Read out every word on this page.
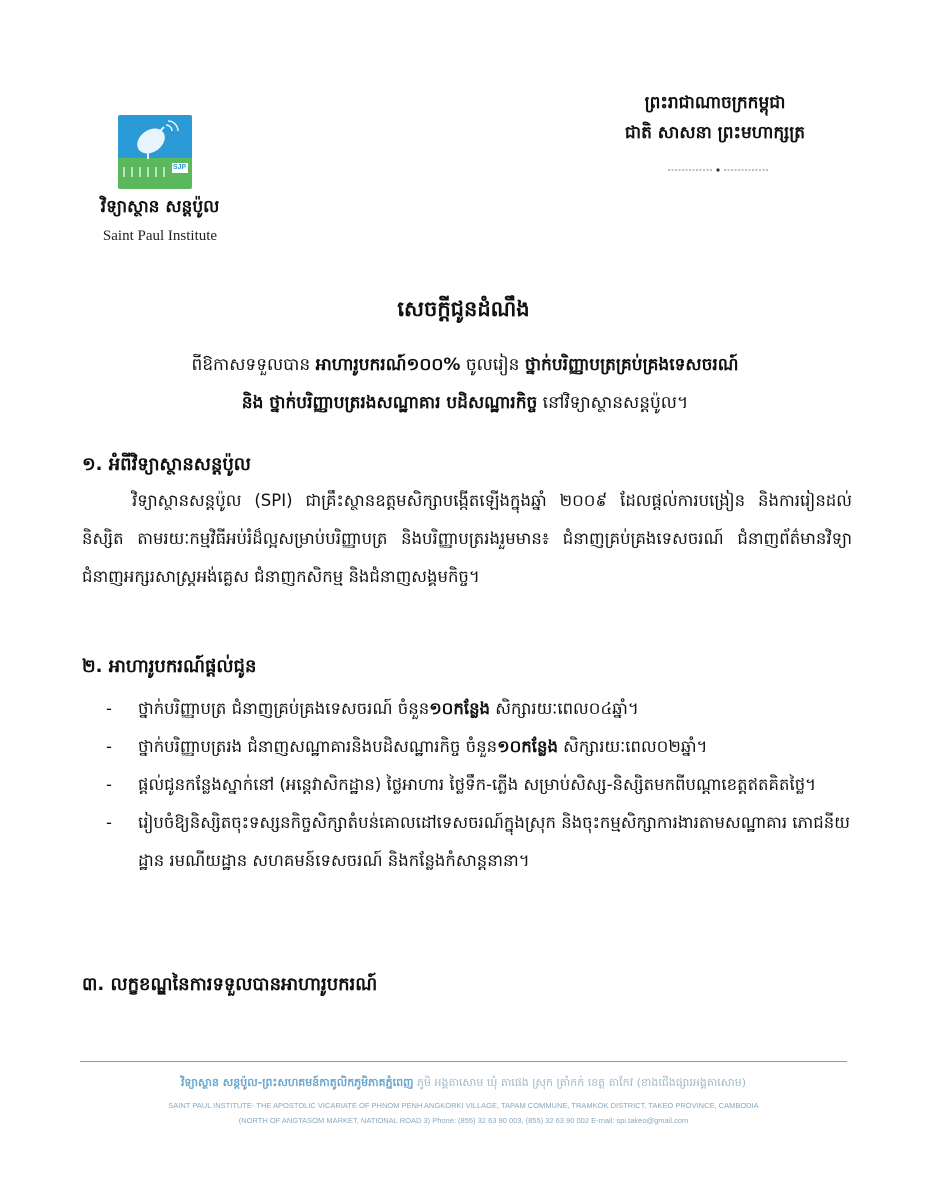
SJP
វិទ្យាស្ថាន សន្តប៉ូល
Saint Paul Institute
ព្រះរាជាណាចក្រកម្ពុជា
ជាតិ សាសនា ព្រះមហាក្សត្រ
សេចក្ដីជូនដំណឹង
ពីឱកាសទទួលបាន អាហារូបករណ៍១០០% ចូលរៀន ថ្នាក់បរិញ្ញាបត្រគ្រប់គ្រងទេសចរណ៍
និង ថ្នាក់បរិញ្ញាបត្ររងសណ្ឋាគារ បដិសណ្ឋារកិច្ច នៅវិទ្យាស្ថានសន្តប៉ូល។
១. អំពីវិទ្យាស្ថានសន្តប៉ូល
វិទ្យាស្ថានសន្តប៉ូល (SPI) ជាគ្រឹះស្ថានឧត្តមសិក្សាបង្កើតឡើងក្នុងឆ្នាំ ២០០៩ ដែលផ្ដល់ការបង្រៀន និងការរៀនដល់និស្សិត តាមរយៈកម្មវិធីអប់រំដ៏ល្អសម្រាប់បរិញ្ញាបត្រ និងបរិញ្ញាបត្ររងរួមមាន៖ ជំនាញគ្រប់គ្រងទេសចរណ៍ ជំនាញព័ត៌មានវិទ្យា ជំនាញអក្សរសាស្ត្រអង់គ្លេស ជំនាញកសិកម្ម និងជំនាញសង្គមកិច្ច។
២. អាហារូបករណ៍ផ្ដល់ជូន
- ថ្នាក់បរិញ្ញាបត្រ ជំនាញគ្រប់គ្រងទេសចរណ៍ ចំនួន១០កន្លែង សិក្សារយៈពេល០៤ឆ្នាំ។
- ថ្នាក់បរិញ្ញាបត្ររង ជំនាញសណ្ឋាគារនិងបដិសណ្ឋារកិច្ច ចំនួន១០កន្លែង សិក្សារយៈពេល០២ឆ្នាំ។
- ផ្ដល់ជូនកន្លែងស្នាក់នៅ (អន្តេវាសិកដ្ឋាន) ថ្លៃអាហារ ថ្លៃទឹក-ភ្លើង សម្រាប់សិស្ស-និស្សិតមកពីបណ្ដាខេត្តឥតគិតថ្លៃ។
- រៀបចំឱ្យនិស្សិតចុះទស្សនកិច្ចសិក្សាតំបន់គោលដៅទេសចរណ៍ក្នុងស្រុក និងចុះកម្មសិក្សាការងារតាមសណ្ឋាគារ ភោជនីយដ្ឋាន រមណីយដ្ឋាន សហគមន៍ទេសចរណ៍ និងកន្លែងកំសាន្តនានា។
៣. លក្ខខណ្ឌនៃការទទួលបានអាហារូបករណ៍
វិទ្យាស្ថាន សន្តប៉ូល-ព្រះសហគមន៍កាតូលិកភូមិភាគភ្នំពេញ ភូមិ អង្គតាសោម ឃុំ តាផេង ស្រុក ត្រាំកក់ ខេត្ត តាកែវ (ខាងជើងផ្សារអង្គតាសោម)
SAINT PAUL INSTITUTE- THE APOSTOLIC VICARIATE OF PHNOM PENH ANGKORKI VILLAGE, TAPAM COMMUNE, TRAMKOK DISTRICT, TAKEO PROVINCE, CAMBODIA
(NORTH OF ANGTASOM MARKET, NATIONAL ROAD 3) Phone: (855) 32 63 90 003, (855) 32 63 90 002 E-mail: spi.takeo@gmail.com
